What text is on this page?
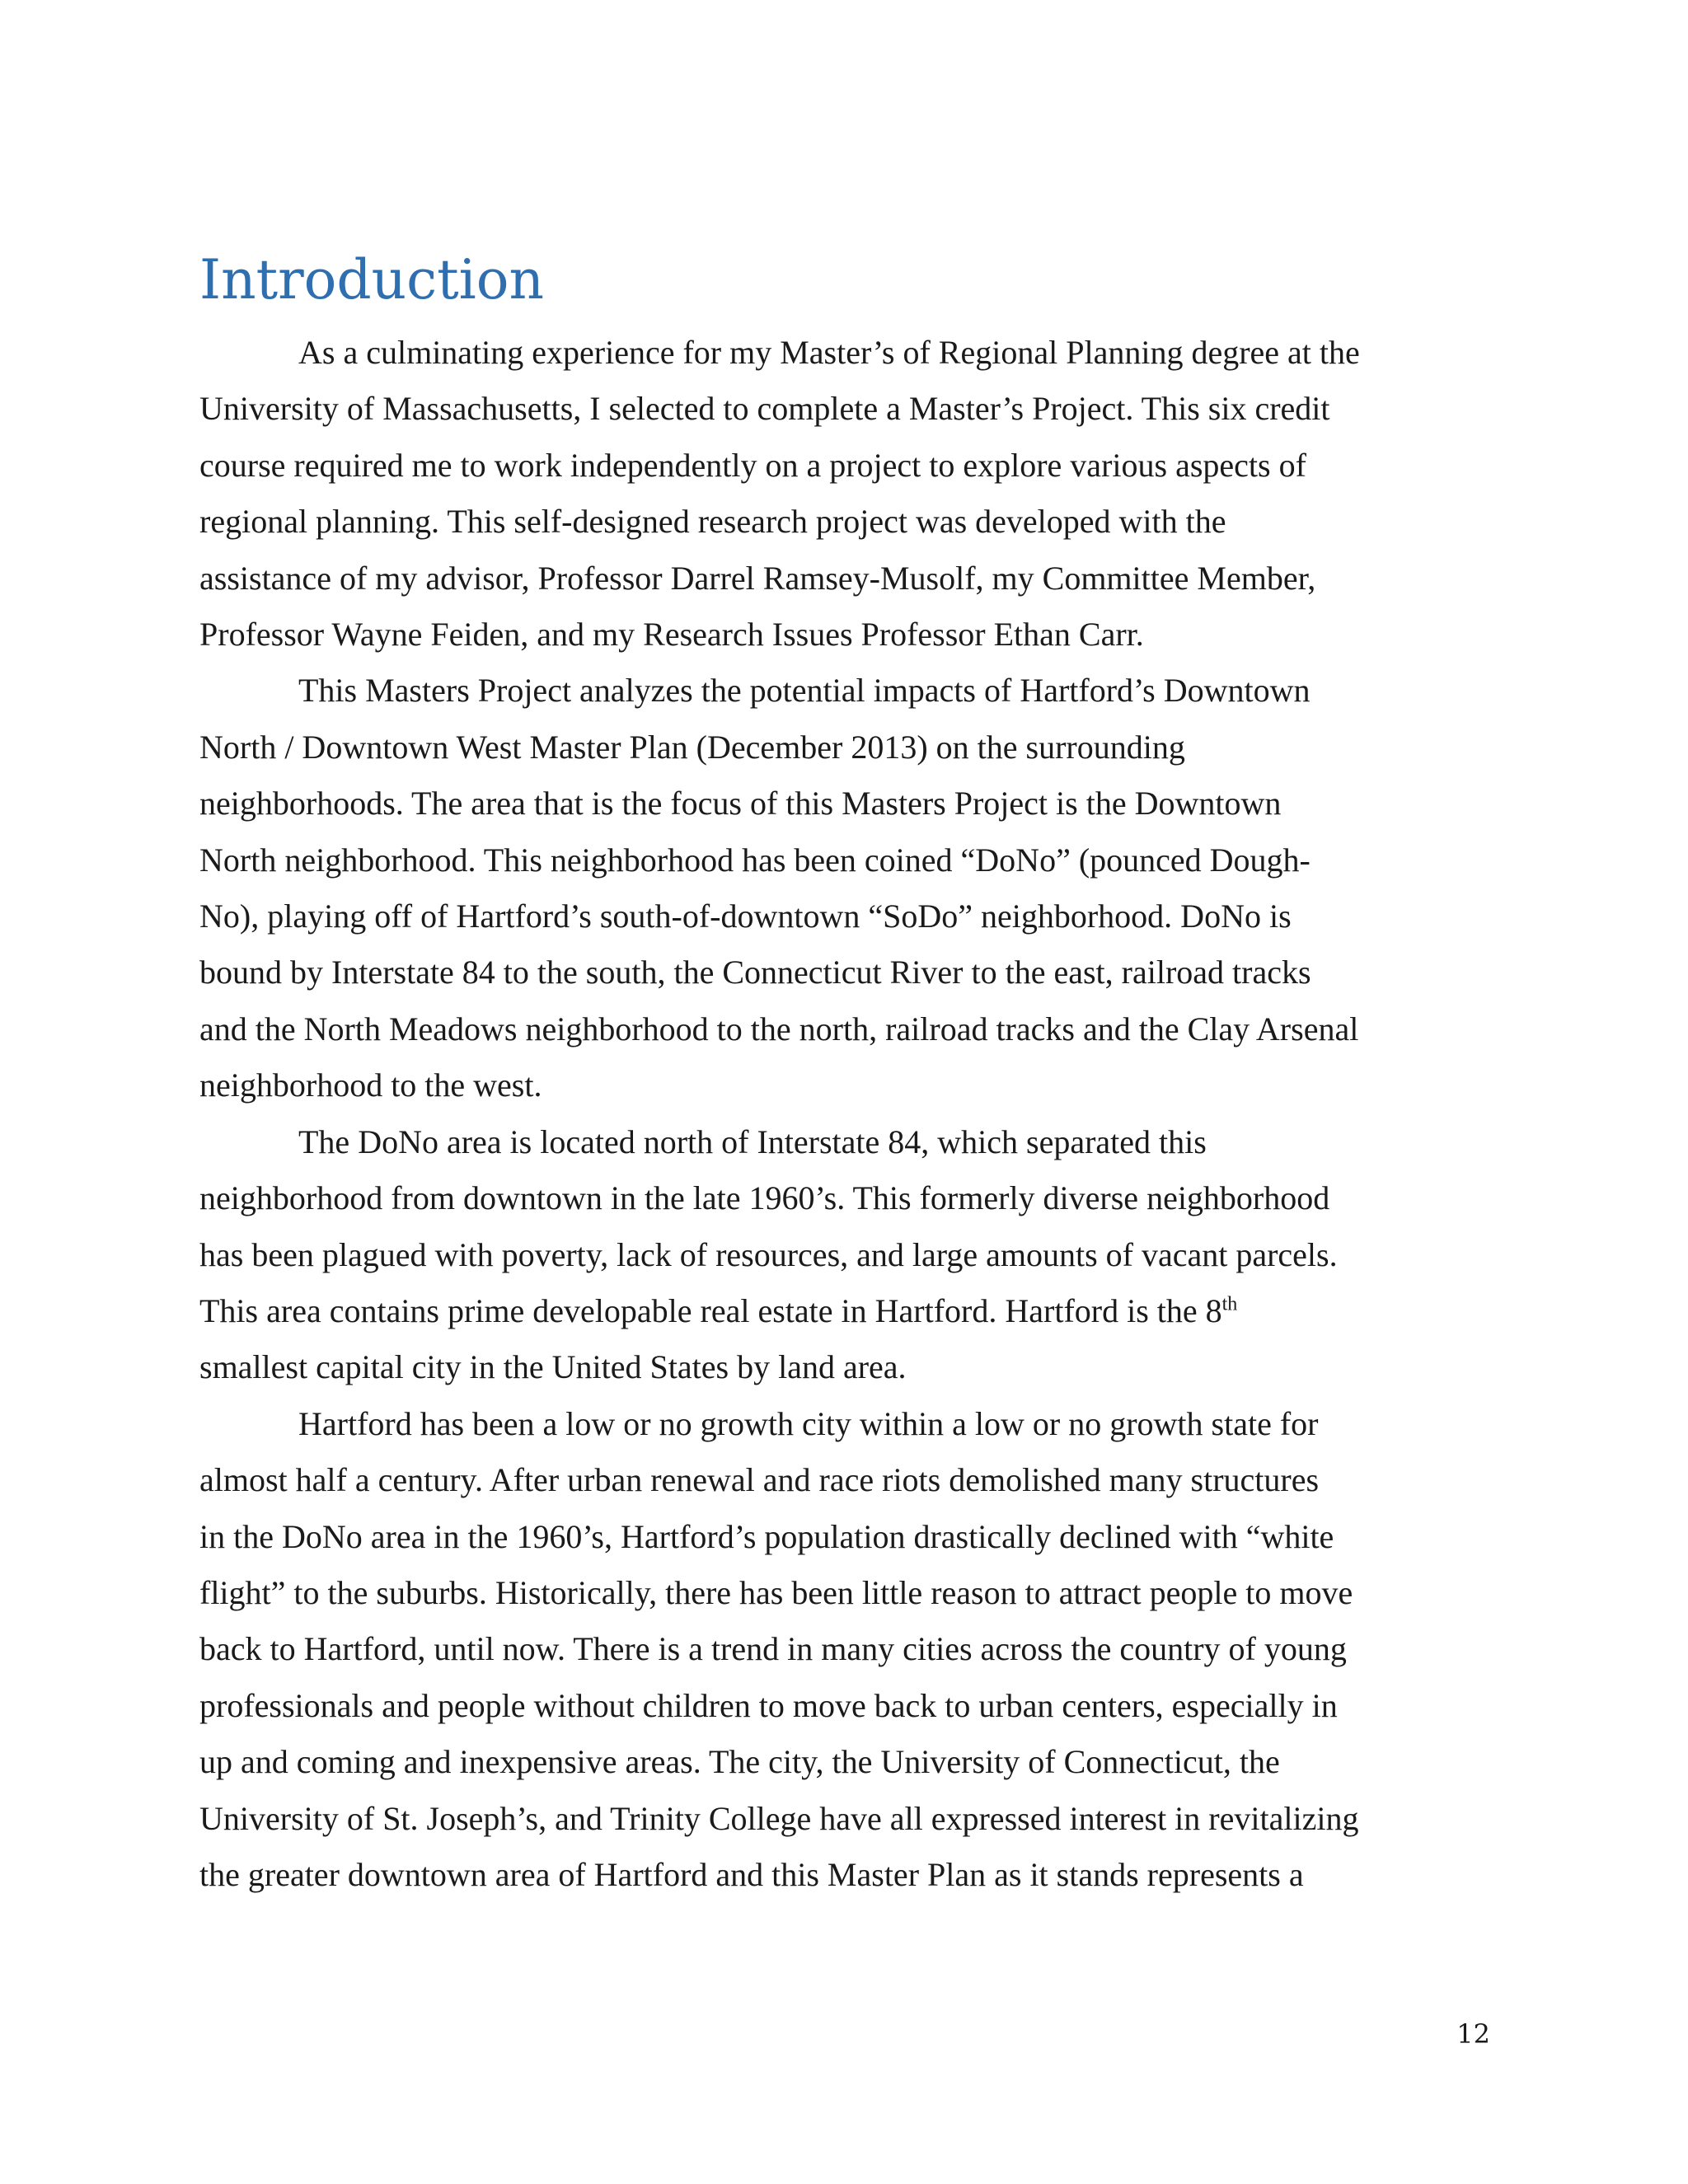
Introduction

As a culminating experience for my Master’s of Regional Planning degree at the
University of Massachusetts, I selected to complete a Master’s Project. This six credit
course required me to work independently on a project to explore various aspects of
regional planning. This self-designed research project was developed with the
assistance of my advisor, Professor Darrel Ramsey-Musolf, my Committee Member,
Professor Wayne Feiden, and my Research Issues Professor Ethan Carr.

This Masters Project analyzes the potential impacts of Hartford’s Downtown
North / Downtown West Master Plan (December 2013) on the surrounding
neighborhoods. The area that is the focus of this Masters Project is the Downtown
North neighborhood. This neighborhood has been coined “DoNo” (pounced Dough-
No), playing off of Hartford’s south-of-downtown “SoDo” neighborhood. DoNo is
bound by Interstate 84 to the south, the Connecticut River to the east, railroad tracks
and the North Meadows neighborhood to the north, railroad tracks and the Clay Arsenal
neighborhood to the west.

The DoNo area is located north of Interstate 84, which separated this
neighborhood from downtown in the late 1960’s. This formerly diverse neighborhood
has been plagued with poverty, lack of resources, and large amounts of vacant parcels.
This area contains prime developable real estate in Hartford. Hartford is the 8th
smallest capital city in the United States by land area.

Hartford has been a low or no growth city within a low or no growth state for
almost half a century. After urban renewal and race riots demolished many structures
in the DoNo area in the 1960’s, Hartford’s population drastically declined with “white
flight” to the suburbs. Historically, there has been little reason to attract people to move
back to Hartford, until now. There is a trend in many cities across the country of young
professionals and people without children to move back to urban centers, especially in
up and coming and inexpensive areas. The city, the University of Connecticut, the
University of St. Joseph’s, and Trinity College have all expressed interest in revitalizing
the greater downtown area of Hartford and this Master Plan as it stands represents a

12
